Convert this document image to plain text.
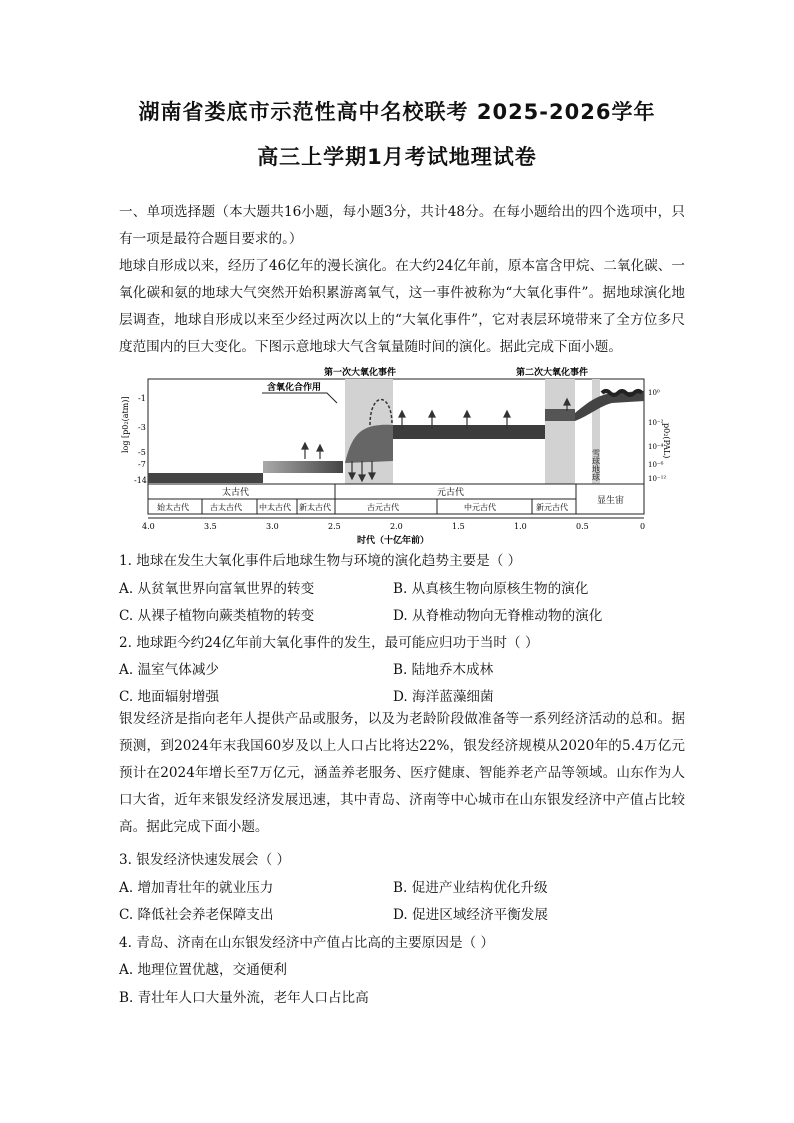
湖南省娄底市示范性高中名校联考 2025-2026学年
高三上学期1月考试地理试卷

一、单项选择题（本大题共16小题，每小题3分，共计48分。在每小题给出的四个选项中，只有一项是最符合题目要求的。）

地球自形成以来，经历了46亿年的漫长演化。在大约24亿年前，原本富含甲烷、二氧化碳、一氧化碳和氨的地球大气突然开始积累游离氧气，这一事件被称为“大氧化事件”。据地球演化地层调查，地球自形成以来至少经过两次以上的“大氧化事件”，它对表层环境带来了全方位多尺度范围内的巨大变化。下图示意地球大气含氧量随时间的演化。据此完成下面小题。

含氧化合作用
第一次大氧化事件	第二次大氧化事件
雪球地球
log [p0₂(atm)] -1
-3
-5
-7
-14
10⁰
10⁻²
10⁻⁴
10⁻⁶
10⁻¹²
p0₂(PAL)
太古代	元古代
显生宙
始太古代	古太古代 中太古代 新太古代	古元古代	中元古代	新元古代
4.0	3.5	3.0	2.5	2.0	1.5	1.0	0.5	0
时代（十亿年前）
1. 地球在发生大氧化事件后地球生物与环境的演化趋势主要是（ ）
A. 从贫氧世界向富氧世界的转变	B. 从真核生物向原核生物的演化
C. 从裸子植物向蕨类植物的转变	D. 从脊椎动物向无脊椎动物的演化
2. 地球距今约24亿年前大氧化事件的发生，最可能应归功于当时（ ）
A. 温室气体减少	B. 陆地乔木成林
C. 地面辐射增强	D. 海洋蓝藻细菌

银发经济是指向老年人提供产品或服务，以及为老龄阶段做准备等一系列经济活动的总和。据预测，到2024年末我国60岁及以上人口占比将达22%，银发经济规模从2020年的5.4万亿元预计在2024年增长至7万亿元，涵盖养老服务、医疗健康、智能养老产品等领域。山东作为人口大省，近年来银发经济发展迅速，其中青岛、济南等中心城市在山东银发经济中产值占比较高。据此完成下面小题。

3. 银发经济快速发展会（ ）
A. 增加青壮年的就业压力	B. 促进产业结构优化升级
C. 降低社会养老保障支出	D. 促进区域经济平衡发展
4. 青岛、济南在山东银发经济中产值占比高的主要原因是（ ）
A. 地理位置优越，交通便利
B. 青壮年人口大量外流，老年人口占比高
